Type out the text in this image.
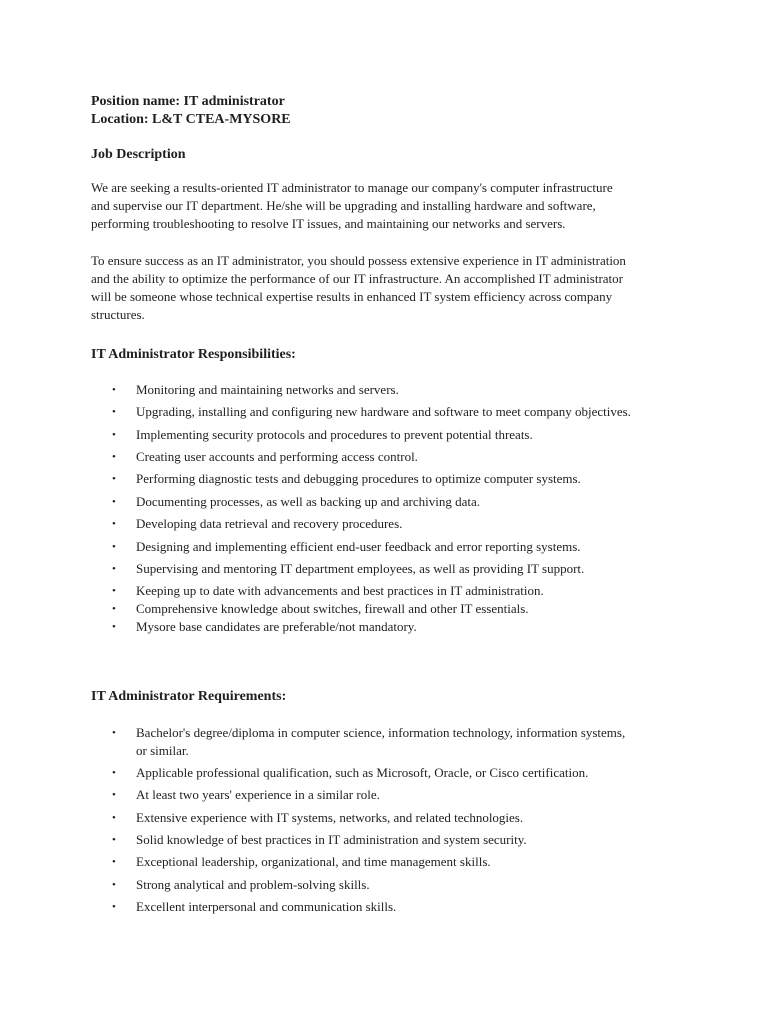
Position name: IT administrator
Location: L&T CTEA-MYSORE
Job Description
We are seeking a results-oriented IT administrator to manage our company's computer infrastructure
and supervise our IT department. He/she will be upgrading and installing hardware and software,
performing troubleshooting to resolve IT issues, and maintaining our networks and servers.
To ensure success as an IT administrator, you should possess extensive experience in IT administration
and the ability to optimize the performance of our IT infrastructure. An accomplished IT administrator
will be someone whose technical expertise results in enhanced IT system efficiency across company
structures.
IT Administrator Responsibilities:
•	Monitoring and maintaining networks and servers.
•	Upgrading, installing and configuring new hardware and software to meet company objectives.
•	Implementing security protocols and procedures to prevent potential threats.
•	Creating user accounts and performing access control.
•	Performing diagnostic tests and debugging procedures to optimize computer systems.
•	Documenting processes, as well as backing up and archiving data.
•	Developing data retrieval and recovery procedures.
•	Designing and implementing efficient end-user feedback and error reporting systems.
•	Supervising and mentoring IT department employees, as well as providing IT support.
•	Keeping up to date with advancements and best practices in IT administration.
•	Comprehensive knowledge about switches, firewall and other IT essentials.
•	Mysore base candidates are preferable/not mandatory.
IT Administrator Requirements:
•	Bachelor's degree/diploma in computer science, information technology, information systems,
or similar.
•	Applicable professional qualification, such as Microsoft, Oracle, or Cisco certification.
•	At least two years' experience in a similar role.
•	Extensive experience with IT systems, networks, and related technologies.
•	Solid knowledge of best practices in IT administration and system security.
•	Exceptional leadership, organizational, and time management skills.
•	Strong analytical and problem-solving skills.
•	Excellent interpersonal and communication skills.
